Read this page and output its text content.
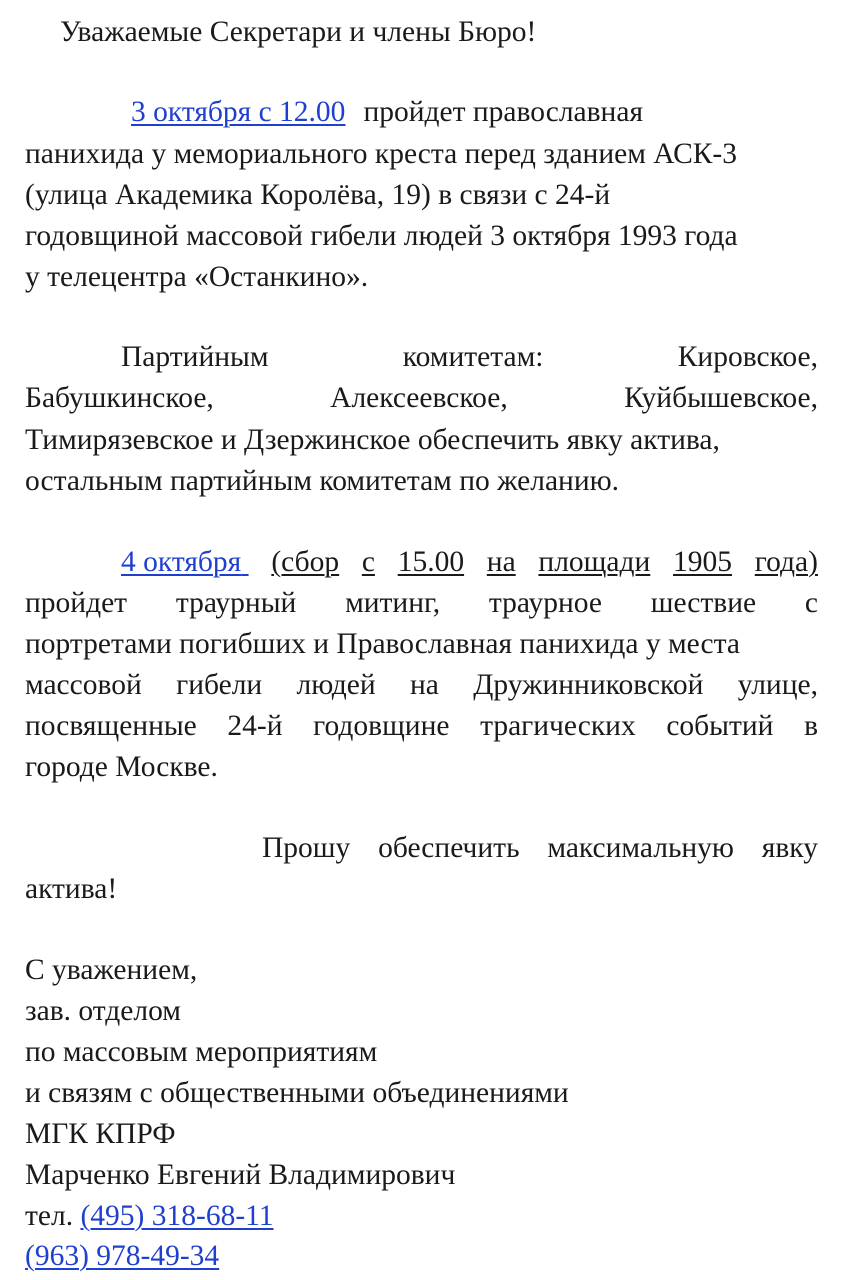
Уважаемые Секретари и члены Бюро!
3 октября с 12.00 пройдет православная
панихида у мемориального креста перед зданием АСК-3
(улица Академика Королёва, 19) в связи с 24-й
годовщиной массовой гибели людей 3 октября 1993 года
у телецентра «Останкино».
Партийным	комитетам:	Кировское,
Бабушкинское,	Алексеевское,	Куйбышевское,
Тимирязевское и Дзержинское обеспечить явку актива,
остальным партийным комитетам по желанию.
4 октября (сбор с 15.00 на площади 1905 года)
пройдет траурный митинг, траурное шествие с
портретами погибших и Православная панихида у места
массовой гибели людей на Дружинниковской улице,
посвященные 24-й годовщине трагических событий в
городе Москве.
Прошу обеспечить максимальную явку
актива!
С уважением,
зав. отделом
по массовым мероприятиям
и связям с общественными объединениями
МГК КПРФ
Марченко Евгений Владимирович
тел. (495) 318-68-11
(963) 978-49-34
